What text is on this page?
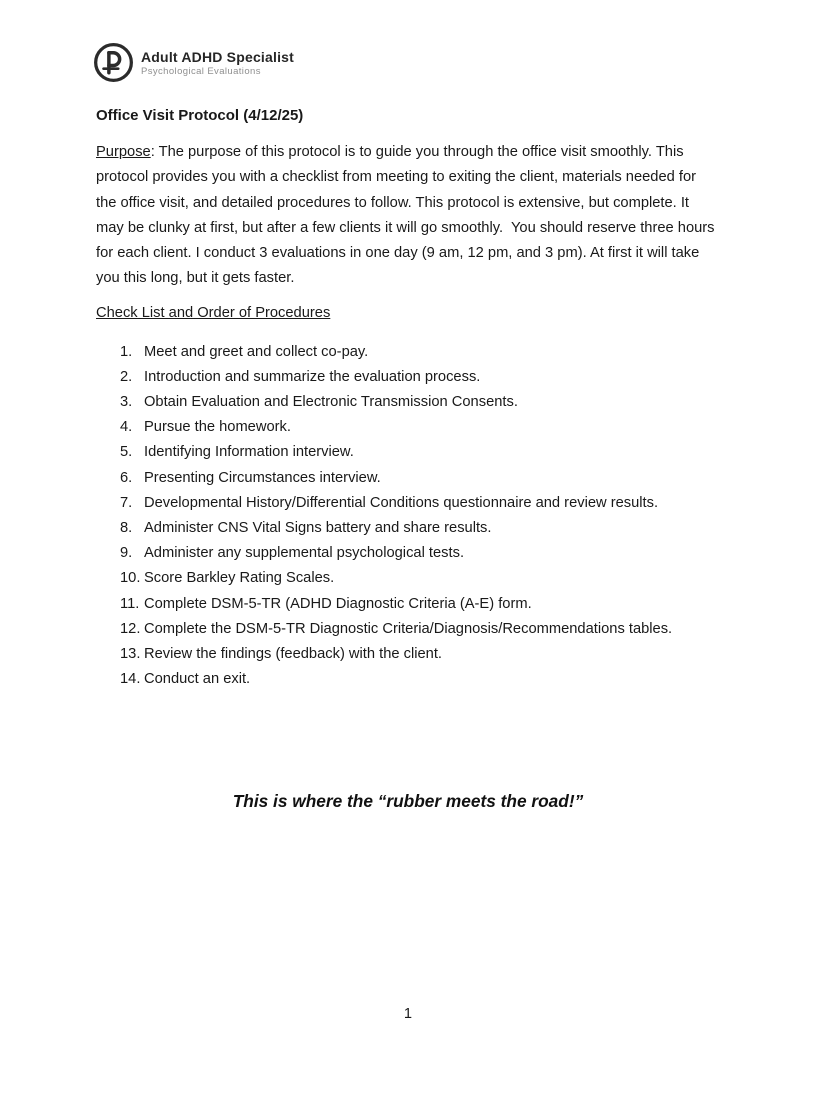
Adult ADHD Specialist
Psychological Evaluations
Office Visit Protocol (4/12/25)
Purpose: The purpose of this protocol is to guide you through the office visit smoothly. This protocol provides you with a checklist from meeting to exiting the client, materials needed for the office visit, and detailed procedures to follow. This protocol is extensive, but complete. It may be clunky at first, but after a few clients it will go smoothly.  You should reserve three hours for each client. I conduct 3 evaluations in one day (9 am, 12 pm, and 3 pm). At first it will take you this long, but it gets faster.
Check List and Order of Procedures
1. Meet and greet and collect co-pay.
2. Introduction and summarize the evaluation process.
3. Obtain Evaluation and Electronic Transmission Consents.
4. Pursue the homework.
5. Identifying Information interview.
6. Presenting Circumstances interview.
7. Developmental History/Differential Conditions questionnaire and review results.
8. Administer CNS Vital Signs battery and share results.
9. Administer any supplemental psychological tests.
10. Score Barkley Rating Scales.
11. Complete DSM-5-TR (ADHD Diagnostic Criteria (A-E) form.
12. Complete the DSM-5-TR Diagnostic Criteria/Diagnosis/Recommendations tables.
13. Review the findings (feedback) with the client.
14. Conduct an exit.
This is where the “rubber meets the road!”
1
